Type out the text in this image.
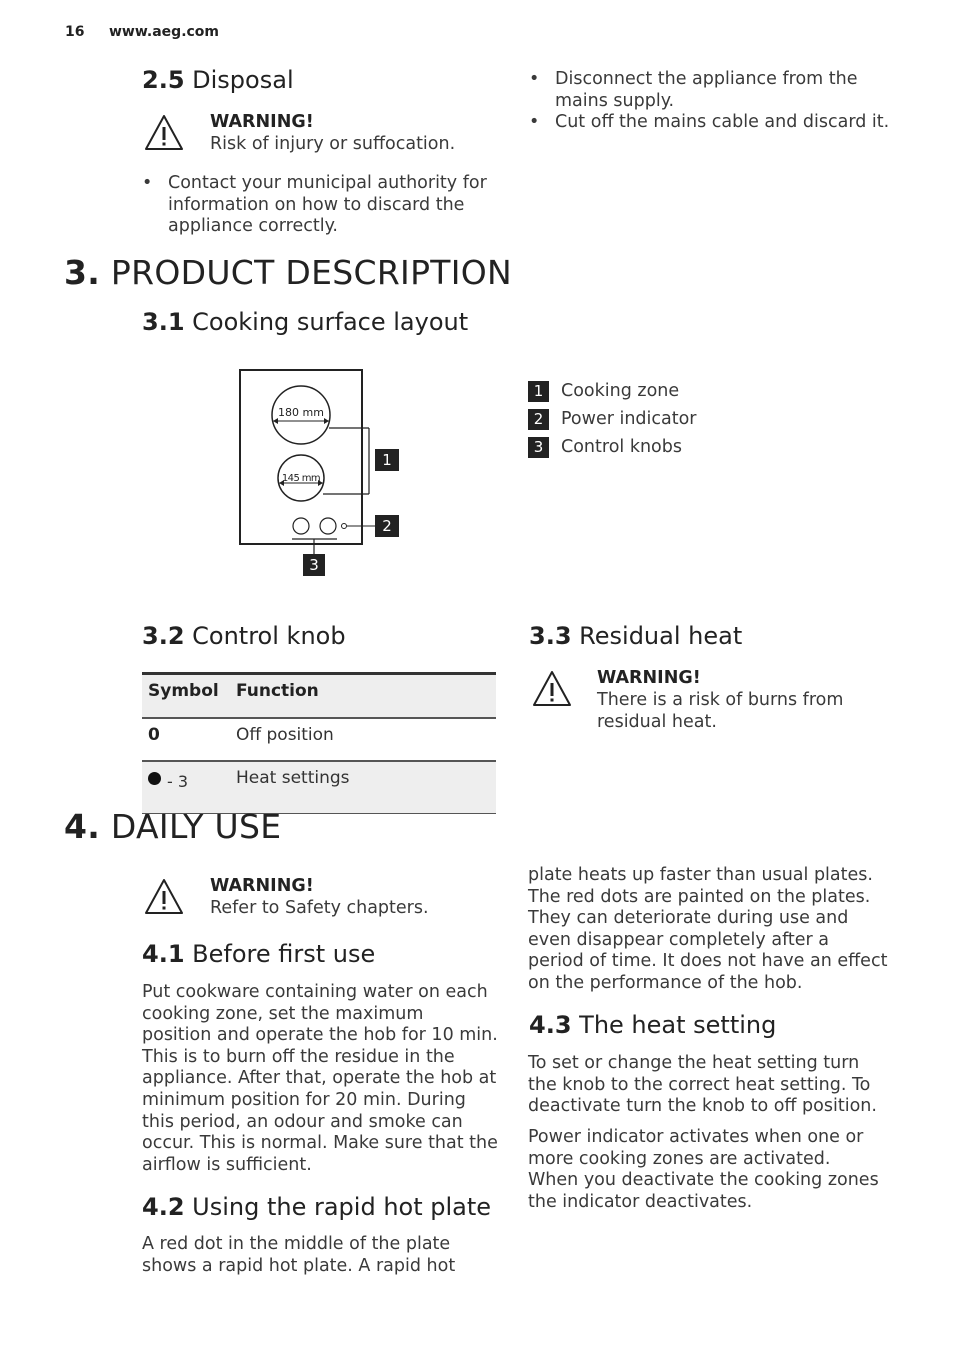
16 www.aeg.com
2.5 Disposal
WARNING!
Risk of injury or suffocation.
• Contact your municipal authority for information on how to discard the appliance correctly.
• Disconnect the appliance from the mains supply.
• Cut off the mains cable and discard it.
3. PRODUCT DESCRIPTION
3.1 Cooking surface layout
180 mm
145 mm
1
2
3
1 Cooking zone
2 Power indicator
3 Control knobs
3.2 Control knob
Symbol	Function
0	Off position
- 3	Heat settings
3.3 Residual heat
WARNING!
There is a risk of burns from residual heat.
4. DAILY USE
WARNING!
Refer to Safety chapters.
4.1 Before first use
Put cookware containing water on each cooking zone, set the maximum position and operate the hob for 10 min. This is to burn off the residue in the appliance. After that, operate the hob at minimum position for 20 min. During this period, an odour and smoke can occur. This is normal. Make sure that the airflow is sufficient.
4.2 Using the rapid hot plate
A red dot in the middle of the plate shows a rapid hot plate. A rapid hot
plate heats up faster than usual plates. The red dots are painted on the plates. They can deteriorate during use and even disappear completely after a period of time. It does not have an effect on the performance of the hob.
4.3 The heat setting
To set or change the heat setting turn the knob to the correct heat setting. To deactivate turn the knob to off position.
Power indicator activates when one or more cooking zones are activated. When you deactivate the cooking zones the indicator deactivates.
